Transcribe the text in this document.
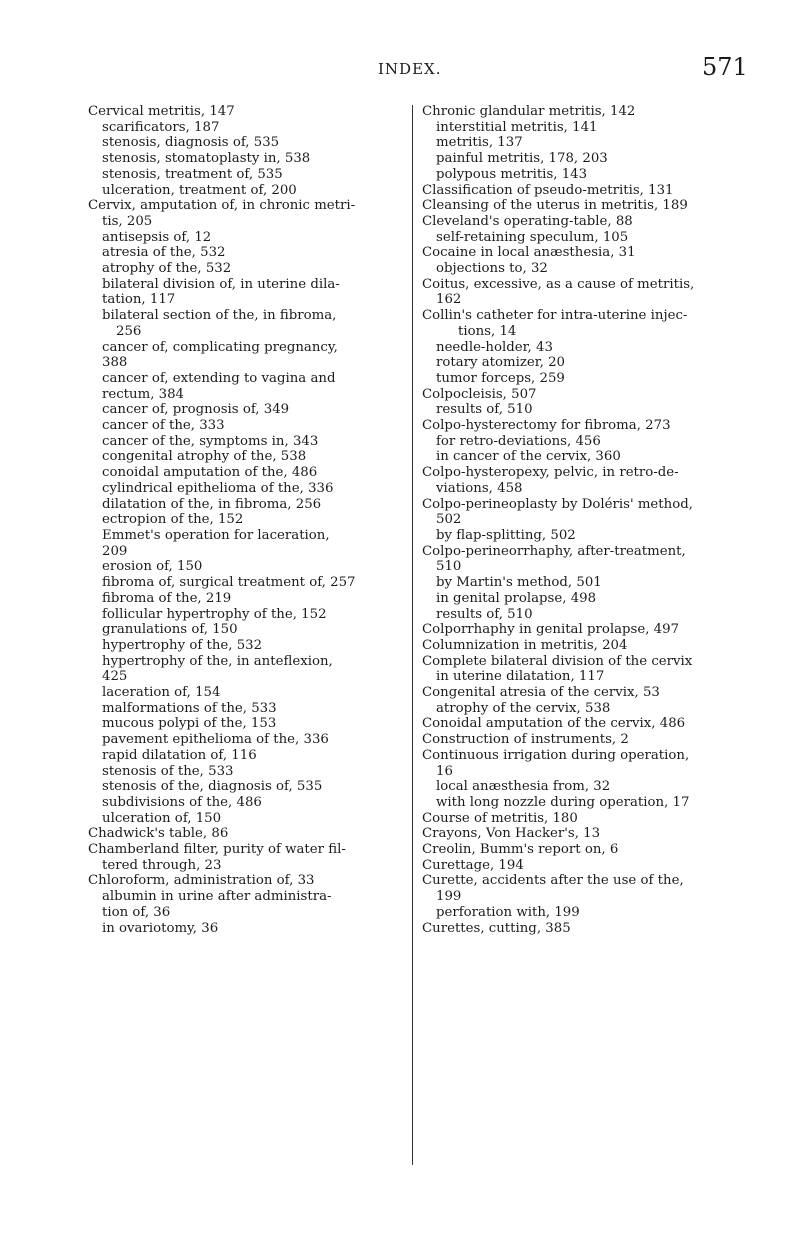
INDEX.	571
Cervical metritis, 147
scarificators, 187
stenosis, diagnosis of, 535
stenosis, stomatoplasty in, 538
stenosis, treatment of, 535
ulceration, treatment of, 200
Cervix, amputation of, in chronic metri-
tis, 205
antisepsis of, 12
atresia of the, 532
atrophy of the, 532
bilateral division of, in uterine dila-
tation, 117
bilateral section of the, in fibroma,
256
cancer of, complicating pregnancy,
388
cancer of, extending to vagina and
rectum, 384
cancer of, prognosis of, 349
cancer of the, 333
cancer of the, symptoms in, 343
congenital atrophy of the, 538
conoidal amputation of the, 486
cylindrical epithelioma of the, 336
dilatation of the, in fibroma, 256
ectropion of the, 152
Emmet's operation for laceration,
209
erosion of, 150
fibroma of, surgical treatment of, 257
fibroma of the, 219
follicular hypertrophy of the, 152
granulations of, 150
hypertrophy of the, 532
hypertrophy of the, in anteflexion,
425
laceration of, 154
malformations of the, 533
mucous polypi of the, 153
pavement epithelioma of the, 336
rapid dilatation of, 116
stenosis of the, 533
stenosis of the, diagnosis of, 535
subdivisions of the, 486
ulceration of, 150
Chadwick's table, 86
Chamberland filter, purity of water fil-
tered through, 23
Chloroform, administration of, 33
albumin in urine after administra-
tion of, 36
in ovariotomy, 36
Chronic glandular metritis, 142
interstitial metritis, 141
metritis, 137
painful metritis, 178, 203
polypous metritis, 143
Classification of pseudo-metritis, 131
Cleansing of the uterus in metritis, 189
Cleveland's operating-table, 88
self-retaining speculum, 105
Cocaine in local anæsthesia, 31
objections to, 32
Coitus, excessive, as a cause of metritis,
162
Collin's catheter for intra-uterine injec-
tions, 14
needle-holder, 43
rotary atomizer, 20
tumor forceps, 259
Colpocleisis, 507
results of, 510
Colpo-hysterectomy for fibroma, 273
for retro-deviations, 456
in cancer of the cervix, 360
Colpo-hysteropexy, pelvic, in retro-de-
viations, 458
Colpo-perineoplasty by Doléris' method,
502
by flap-splitting, 502
Colpo-perineorrhaphy, after-treatment,
510
by Martin's method, 501
in genital prolapse, 498
results of, 510
Colporrhaphy in genital prolapse, 497
Columnization in metritis, 204
Complete bilateral division of the cervix
in uterine dilatation, 117
Congenital atresia of the cervix, 53
atrophy of the cervix, 538
Conoidal amputation of the cervix, 486
Construction of instruments, 2
Continuous irrigation during operation,
16
local anæsthesia from, 32
with long nozzle during operation, 17
Course of metritis, 180
Crayons, Von Hacker's, 13
Creolin, Bumm's report on, 6
Curettage, 194
Curette, accidents after the use of the,
199
perforation with, 199
Curettes, cutting, 385
